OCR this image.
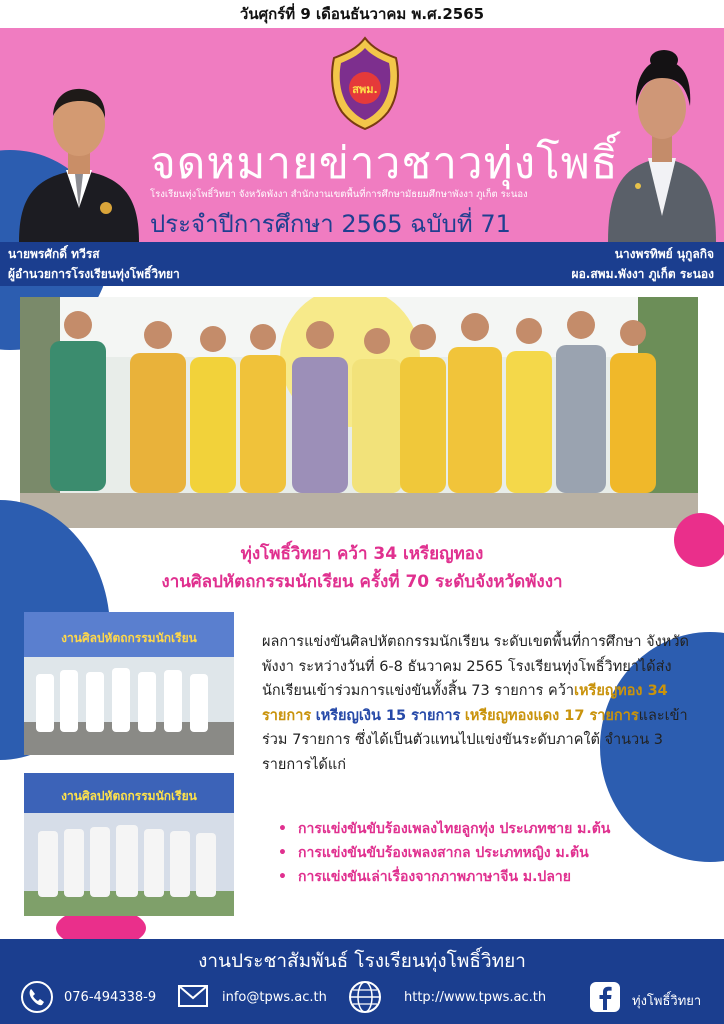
วันศุกร์ที่ 9 เดือนธันวาคม พ.ศ.2565
สพม.
จดหมายข่าวชาวทุ่งโพธิ์
โรงเรียนทุ่งโพธิ์วิทยา จังหวัดพังงา สำนักงานเขตพื้นที่การศึกษามัธยมศึกษาพังงา ภูเก็ต ระนอง
ประจำปีการศึกษา 2565 ฉบับที่ 71
นายพรศักดิ์ ทวีรส
ผู้อำนวยการโรงเรียนทุ่งโพธิ์วิทยา
นางพรทิพย์ นุกูลกิจ
ผอ.สพม.พังงา ภูเก็ต ระนอง
ทุ่งโพธิ์วิทยา คว้า 34 เหรียญทอง
งานศิลปหัตถกรรมนักเรียน ครั้งที่ 70 ระดับจังหวัดพังงา
งานศิลปหัตถกรรมนักเรียน
งานศิลปหัตถกรรมนักเรียน
ผลการแข่งขันศิลปหัตถกรรมนักเรียน ระดับเขตพื้นที่การศึกษา จังหวัดพังงา ระหว่างวันที่ 6-8 ธันวาคม 2565 โรงเรียนทุ่งโพธิ์วิทยาได้ส่งนักเรียนเข้าร่วมการแข่งขันทั้งสิ้น 73 รายการ คว้าเหรียญทอง 34 รายการ เหรียญเงิน 15 รายการ เหรียญทองแดง 17 รายการและเข้าร่วม 7รายการ ซึ่งได้เป็นตัวแทนไปแข่งขันระดับภาคใต้ จำนวน 3 รายการได้แก่
• การแข่งขันขับร้องเพลงไทยลูกทุ่ง ประเภทชาย ม.ต้น
• การแข่งขันขับร้องเพลงสากล ประเภทหญิง ม.ต้น
• การแข่งขันเล่าเรื่องจากภาพภาษาจีน ม.ปลาย
งานประชาสัมพันธ์ โรงเรียนทุ่งโพธิ์วิทยา
076-494338-9	info@tpws.ac.th	http://www.tpws.ac.th	ทุ่งโพธิ์วิทยา
